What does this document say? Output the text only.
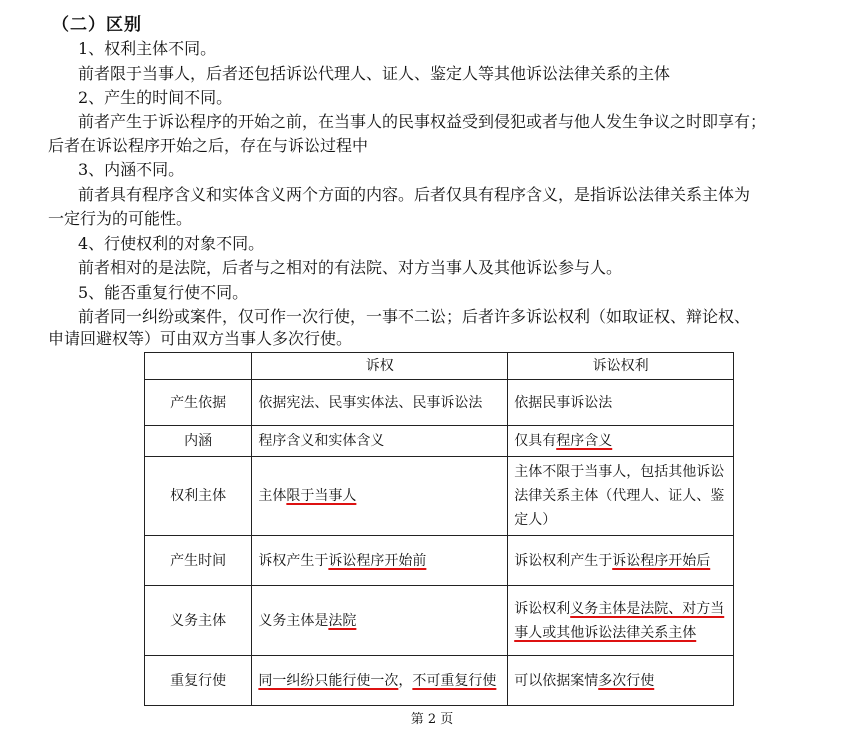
（二）区别
1、权利主体不同。
前者限于当事人，后者还包括诉讼代理人、证人、鉴定人等其他诉讼法律关系的主体
2、产生的时间不同。
前者产生于诉讼程序的开始之前，在当事人的民事权益受到侵犯或者与他人发生争议之时即享有；
后者在诉讼程序开始之后，存在与诉讼过程中
3、内涵不同。
前者具有程序含义和实体含义两个方面的内容。后者仅具有程序含义，是指诉讼法律关系主体为
一定行为的可能性。
4、行使权利的对象不同。
前者相对的是法院，后者与之相对的有法院、对方当事人及其他诉讼参与人。
5、能否重复行使不同。
前者同一纠纷或案件，仅可作一次行使，一事不二讼；后者许多诉讼权利（如取证权、辩论权、
申请回避权等）可由双方当事人多次行使。
	诉权	诉讼权利
产生依据	依据宪法、民事实体法、民事诉讼法	依据民事诉讼法
内涵	程序含义和实体含义	仅具有程序含义
权利主体	主体限于当事人	主体不限于当事人，包括其他诉讼法律关系主体（代理人、证人、鉴定人）
产生时间	诉权产生于诉讼程序开始前	诉讼权利产生于诉讼程序开始后
义务主体	义务主体是法院	诉讼权利义务主体是法院、对方当事人或其他诉讼法律关系主体
重复行使	同一纠纷只能行使一次，不可重复行使	可以依据案情多次行使
第 2 页
